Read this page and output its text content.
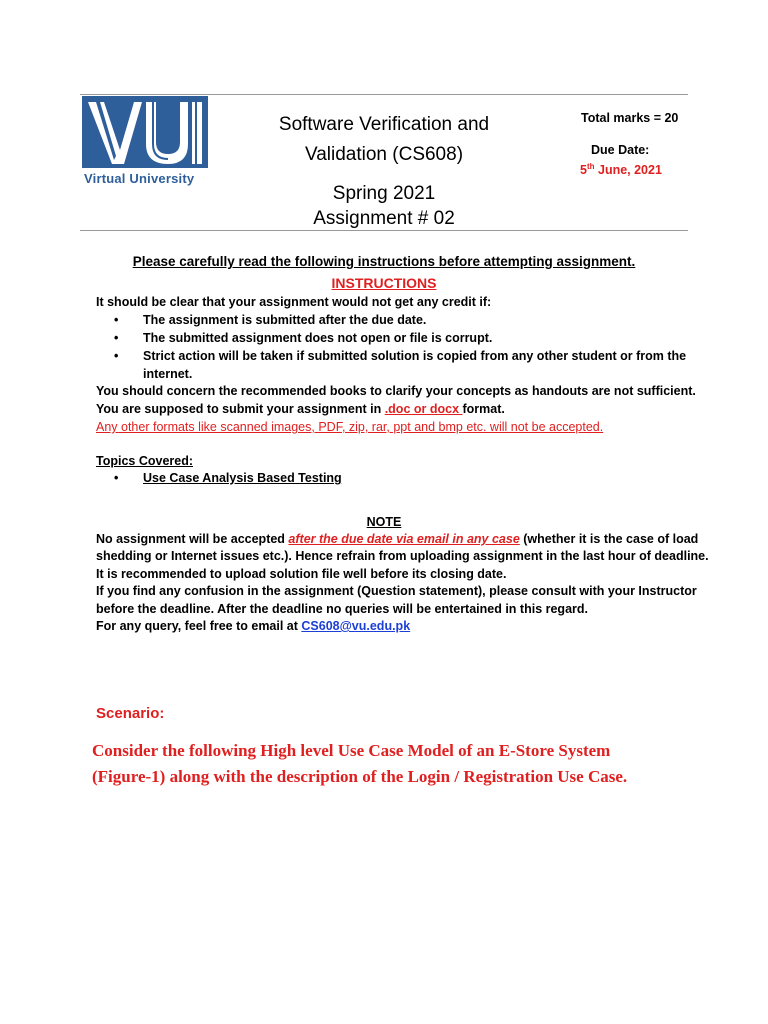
Virtual University
Software Verification and
Validation (CS608)
Spring 2021
Assignment # 02
Total marks = 20
Due Date:
5th June, 2021
Please carefully read the following instructions before attempting assignment.
INSTRUCTIONS
It should be clear that your assignment would not get any credit if:
• The assignment is submitted after the due date.
• The submitted assignment does not open or file is corrupt.
• Strict action will be taken if submitted solution is copied from any other student or from the
internet.
You should concern the recommended books to clarify your concepts as handouts are not sufficient.
You are supposed to submit your assignment in .doc or docx format.
Any other formats like scanned images, PDF, zip, rar, ppt and bmp etc. will not be accepted.
Topics Covered:
• Use Case Analysis Based Testing
NOTE
No assignment will be accepted after the due date via email in any case (whether it is the case of load
shedding or Internet issues etc.). Hence refrain from uploading assignment in the last hour of deadline.
It is recommended to upload solution file well before its closing date.
If you find any confusion in the assignment (Question statement), please consult with your Instructor
before the deadline. After the deadline no queries will be entertained in this regard.
For any query, feel free to email at CS608@vu.edu.pk
Scenario:
Consider the following High level Use Case Model of an E-Store System
(Figure-1) along with the description of the Login / Registration Use Case.
